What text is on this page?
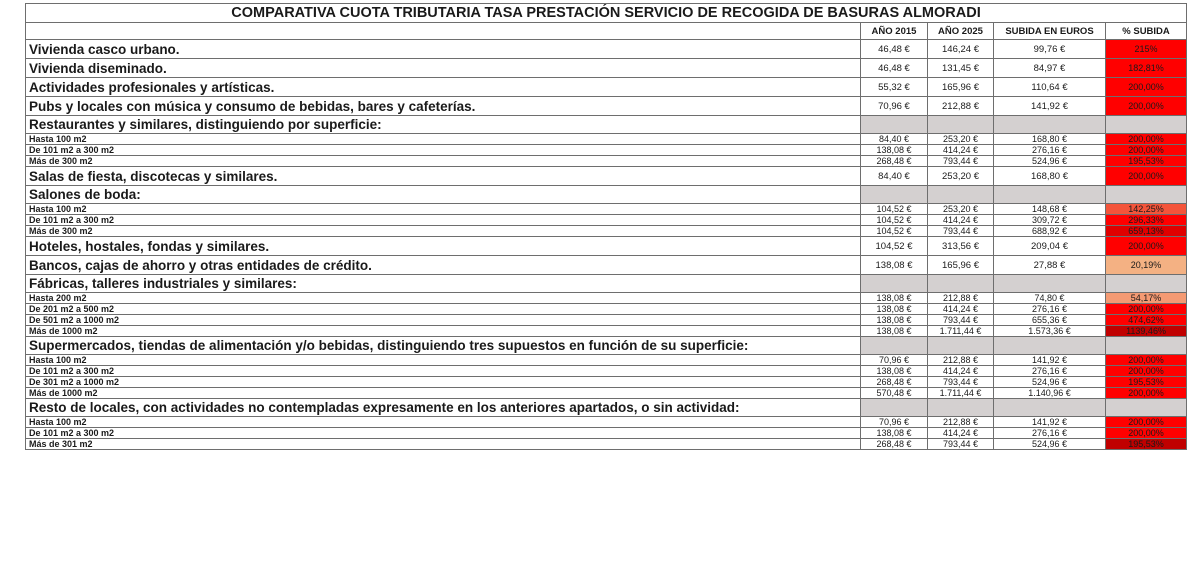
COMPARATIVA CUOTA TRIBUTARIA TASA PRESTACIÓN SERVICIO DE RECOGIDA DE BASURAS ALMORADI				
	AÑO 2015	AÑO 2025	SUBIDA EN EUROS	% SUBIDA
Vivienda casco urbano.	46,48 €	146,24 €	99,76 €	215%
Vivienda diseminado.	46,48 €	131,45 €	84,97 €	182,81%
Actividades profesionales y artísticas.	55,32 €	165,96 €	110,64 €	200,00%
Pubs y locales con música y consumo de bebidas, bares y cafeterías.	70,96 €	212,88 €	141,92 €	200,00%
Restaurantes y similares, distinguiendo por superficie:				
Hasta 100 m2	84,40 €	253,20 €	168,80 €	200,00%
De 101 m2 a 300 m2	138,08 €	414,24 €	276,16 €	200,00%
Más de 300 m2	268,48 €	793,44 €	524,96 €	195,53%
Salas de fiesta, discotecas y similares.	84,40 €	253,20 €	168,80 €	200,00%
Salones de boda:				
Hasta 100 m2	104,52 €	253,20 €	148,68 €	142,25%
De 101 m2 a 300 m2	104,52 €	414,24 €	309,72 €	296,33%
Más de 300 m2	104,52 €	793,44 €	688,92 €	659,13%
Hoteles, hostales, fondas y similares.	104,52 €	313,56 €	209,04 €	200,00%
Bancos, cajas de ahorro y otras entidades de crédito.	138,08 €	165,96 €	27,88 €	20,19%
Fábricas, talleres industriales y similares:				
Hasta 200 m2	138,08 €	212,88 €	74,80 €	54,17%
De 201 m2 a 500 m2	138,08 €	414,24 €	276,16 €	200,00%
De 501 m2 a 1000 m2	138,08 €	793,44 €	655,36 €	474,62%
Más de 1000 m2	138,08 €	1.711,44 €	1.573,36 €	1139,46%
Supermercados, tiendas de alimentación y/o bebidas, distinguiendo tres supuestos en función de su superficie:				
Hasta 100 m2	70,96 €	212,88 €	141,92 €	200,00%
De 101 m2 a 300 m2	138,08 €	414,24 €	276,16 €	200,00%
De 301 m2 a 1000 m2	268,48 €	793,44 €	524,96 €	195,53%
Más de 1000 m2	570,48 €	1.711,44 €	1.140,96 €	200,00%
Resto de locales, con actividades no contempladas expresamente en los anteriores apartados, o sin actividad:				
Hasta 100 m2	70,96 €	212,88 €	141,92 €	200,00%
De 101 m2 a 300 m2	138,08 €	414,24 €	276,16 €	200,00%
Más de 301 m2	268,48 €	793,44 €	524,96 €	195,53%
